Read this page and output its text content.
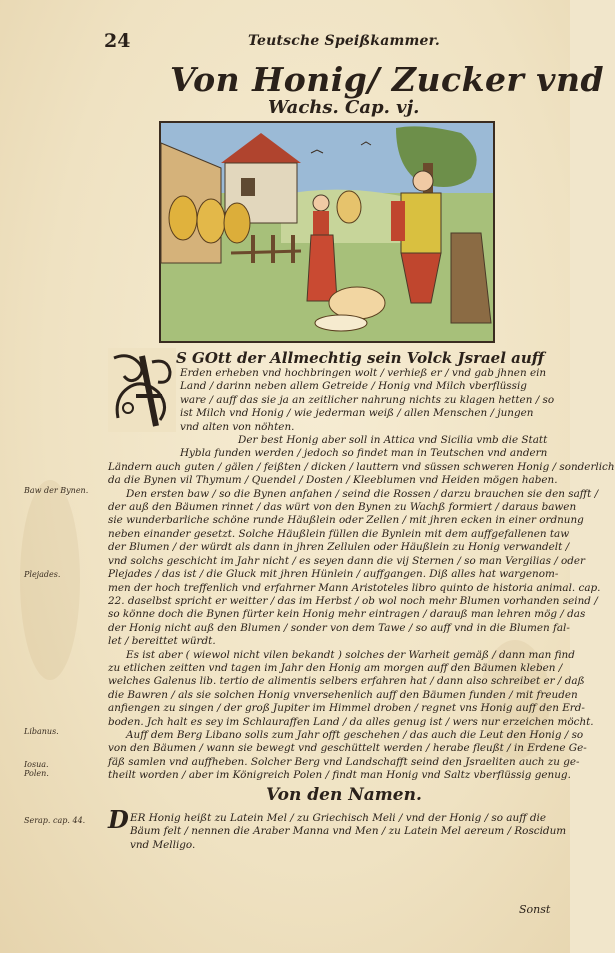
24	Teutsche Speißkammer.
Von Honig/ Zucker vnd
Wachs. Cap. vj.

S GOtt der Allmechtig sein Volck Jsrael auff

Erden erheben vnd hochbringen wolt / verhieß er / vnd gab jhnen ein

Land / darinn neben allem Getreide / Honig vnd Milch vberflüssig

ware / auff das sie ja an zeitlicher nahrung nichts zu klagen hetten / so

ist Milch vnd Honig / wie jederman weiß / allen Menschen / jungen

vnd alten von nöhten.

Der best Honig aber soll in Attica vnd Sicilia vmb die Statt

Hybla funden werden / jedoch so findet man in Teutschen vnd andern

Ländern auch guten / gälen / feißten / dicken / lauttern vnd süssen schweren Honig / sonderlich

da die Bynen vil Thymum / Quendel / Dosten / Kleeblumen vnd Heiden mögen haben.

Den ersten baw / so die Bynen anfahen / seind die Rossen / darzu brauchen sie den safft /

der auß den Bäumen rinnet / das würt von den Bynen zu Wachß formiert / daraus bawen

sie wunderbarliche schöne runde Häußlein oder Zellen / mit jhren ecken in einer ordnung

neben einander gesetzt. Solche Häußlein füllen die Bynlein mit dem auffgefallenen taw

der Blumen / der würdt als dann in jhren Zellulen oder Häußlein zu Honig verwandelt /

vnd solchs geschicht im Jahr nicht / es seyen dann die vij Sternen / so man Vergilias / oder

Plejades / das ist / die Gluck mit jhren Hünlein / auffgangen. Diß alles hat wargenom-

men der hoch treffenlich vnd erfahrner Mann Aristoteles libro quinto de historia animal. cap.

22. daselbst spricht er weitter / das im Herbst / ob wol noch mehr Blumen vorhanden seind /

so könne doch die Bynen fürter kein Honig mehr eintragen / darauß man lehren mög / das

der Honig nicht auß den Blumen / sonder von dem Tawe / so auff vnd in die Blumen fal-

let / bereittet würdt.

Es ist aber ( wiewol nicht vilen bekandt ) solches der Warheit gemäß / dann man find

zu etlichen zeitten vnd tagen im Jahr den Honig am morgen auff den Bäumen kleben /

welches Galenus lib. tertio de alimentis selbers erfahren hat / dann also schreibet er / daß

die Bawren / als sie solchen Honig vnversehenlich auff den Bäumen funden / mit freuden

anfiengen zu singen / der groß Jupiter im Himmel droben / regnet vns Honig auff den Erd-

boden. Jch halt es sey im Schlauraffen Land / da alles genug ist / wers nur erzeichen möcht.

Auff dem Berg Libano solls zum Jahr offt geschehen / das auch die Leut den Honig / so

von den Bäumen / wann sie bewegt vnd geschüttelt werden / herabe fleußt / in Erdene Ge-

fäß samlen vnd auffheben. Solcher Berg vnd Landschafft seind den Jsraeliten auch zu ge-

theilt worden / aber im Königreich Polen / findt man Honig vnd Saltz vberflüssig genug.

Von den Namen.
D ER Honig heißt zu Latein Mel / zu Griechisch Meli / vnd der Honig / so auff die

Bäum felt / nennen die Araber Manna vnd Men / zu Latein Mel aereum / Roscidum

vnd Melligo.

Sonst
Baw der Bynen.
Plejades.
Libanus.
Iosua.
Polen.
Serap. cap. 44.
